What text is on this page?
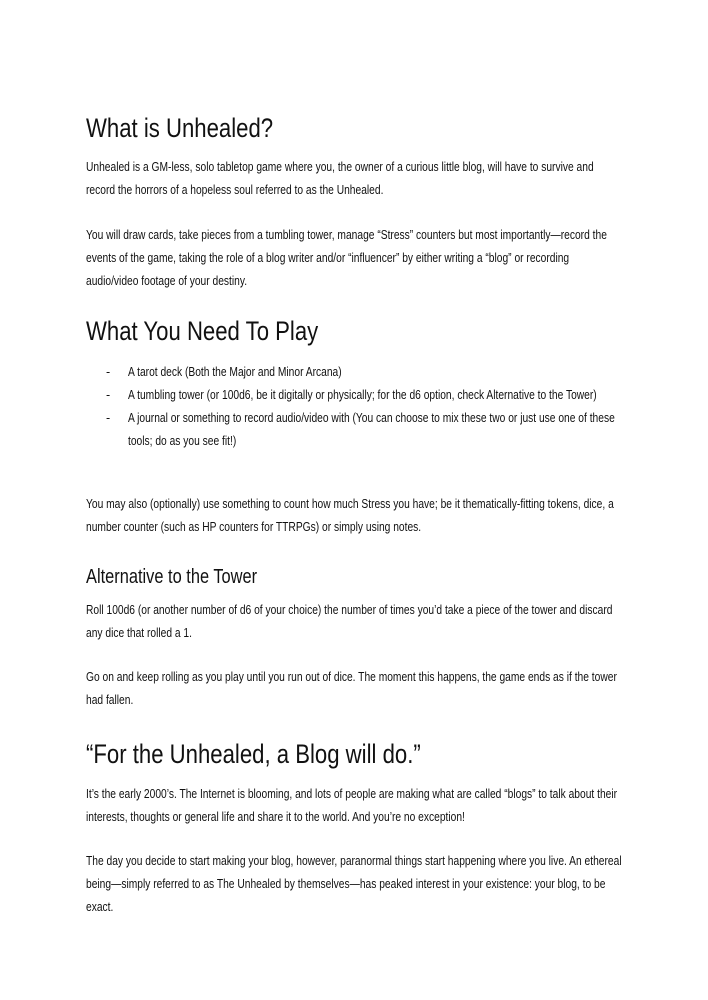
What is Unhealed?

Unhealed is a GM-less, solo tabletop game where you, the owner of a curious little blog, will have to survive and record the horrors of a hopeless soul referred to as the Unhealed.

You will draw cards, take pieces from a tumbling tower, manage “Stress” counters but most importantly—record the events of the game, taking the role of a blog writer and/or “influencer” by either writing a “blog” or recording audio/video footage of your destiny.

What You Need To Play
- A tarot deck (Both the Major and Minor Arcana)
- A tumbling tower (or 100d6, be it digitally or physically; for the d6 option, check Alternative to the Tower)
- A journal or something to record audio/video with (You can choose to mix these two or just use one of these tools; do as you see fit!)

You may also (optionally) use something to count how much Stress you have; be it thematically-fitting tokens, dice, a number counter (such as HP counters for TTRPGs) or simply using notes.

Alternative to the Tower

Roll 100d6 (or another number of d6 of your choice) the number of times you’d take a piece of the tower and discard any dice that rolled a 1.

Go on and keep rolling as you play until you run out of dice. The moment this happens, the game ends as if the tower had fallen.

“For the Unhealed, a Blog will do.”

It’s the early 2000’s. The Internet is blooming, and lots of people are making what are called “blogs” to talk about their interests, thoughts or general life and share it to the world. And you’re no exception!

The day you decide to start making your blog, however, paranormal things start happening where you live. An ethereal being—simply referred to as The Unhealed by themselves—has peaked interest in your existence: your blog, to be exact.
